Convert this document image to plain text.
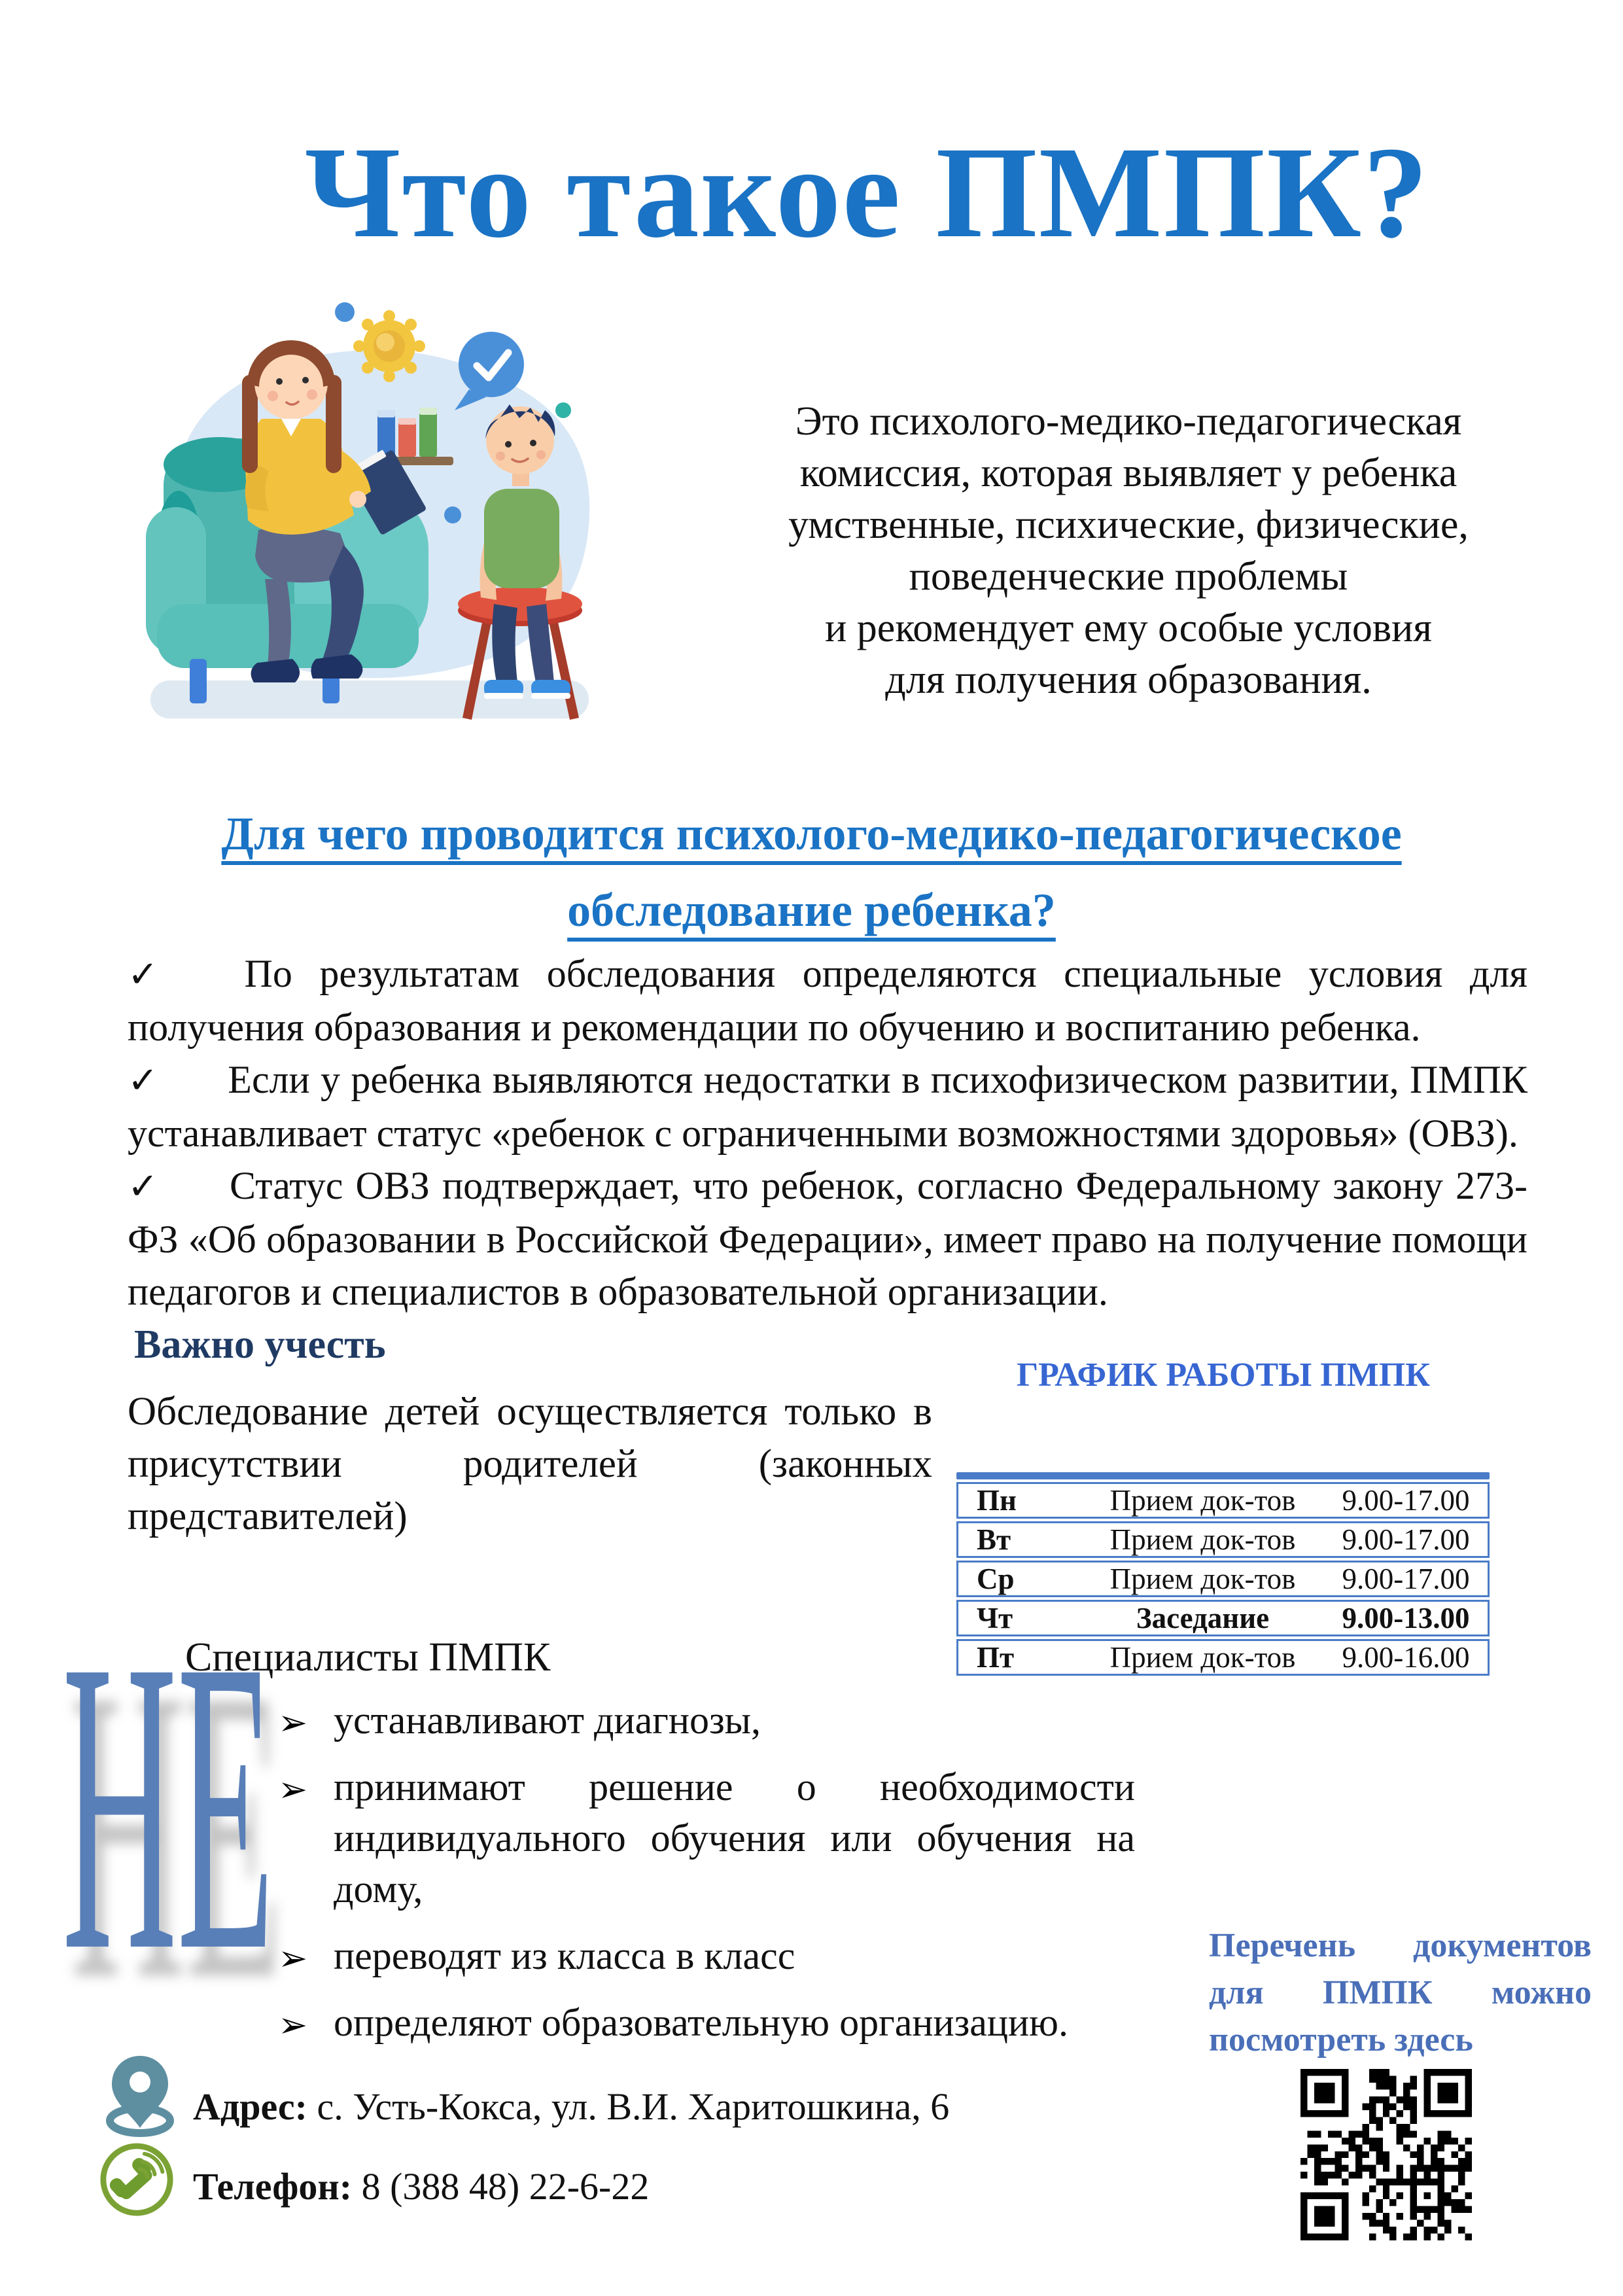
Что такое ПМПК?
Это психолого-медико-педагогическая
комиссия, которая выявляет у ребенка
умственные, психические, физические,
поведенческие проблемы
и рекомендует ему особые условия
для получения образования.
Для чего проводится психолого-медико-педагогическое
обследование ребенка?

✓ По результатам обследования определяются специальные условия для получения образования и рекомендации по обучению и воспитанию ребенка.

✓ Если у ребенка выявляются недостатки в психофизическом развитии, ПМПК устанавливает статус «ребенок с ограниченными возможностями здоровья» (ОВЗ).

✓ Статус ОВЗ подтверждает, что ребенок, согласно Федеральному закону 273-ФЗ «Об образовании в Российской Федерации», имеет право на получение помощи педагогов и специалистов в образовательной организации.

Важно учесть
Обследование детей осуществляется только в присутствии родителей (законных представителей)
ГРАФИК РАБОТЫ ПМПК
Пн	Прием док-тов	9.00-17.00
Вт	Прием док-тов	9.00-17.00
Ср	Прием док-тов	9.00-17.00
Чт	Заседание	9.00-13.00
Пт	Прием док-тов	9.00-16.00
Специалисты ПМПК
НЕ ➢ устанавливают диагнозы,
➢ принимают решение о необходимости индивидуального обучения или обучения на дому,
➢ переводят из класса в класс
➢ определяют образовательную организацию.
Перечень документов для ПМПК можно посмотреть здесь
Адрес: с. Усть-Кокса, ул. В.И. Харитошкина, 6
Телефон: 8 (388 48) 22-6-22
